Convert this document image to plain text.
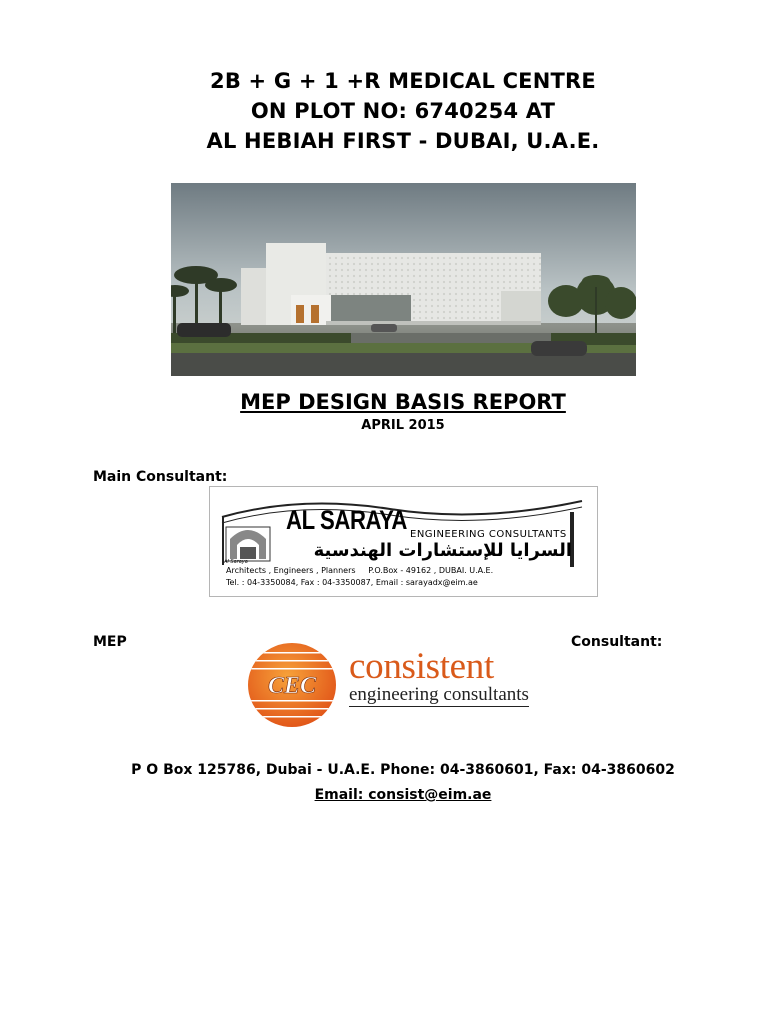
2B + G + 1 +R MEDICAL CENTRE
ON PLOT NO: 6740254 AT
AL HEBIAH FIRST - DUBAI, U.A.E.
MEP DESIGN BASIS REPORT
APRIL 2015
Main Consultant:
Al Saraya
AL SARAYA ENGINEERING CONSULTANTS
السرايا للإستشارات الهندسية
Architects , Engineers , Planners     P.O.Box - 49162 , DUBAI. U.A.E.
Tel. : 04-3350084, Fax : 04-3350087, Email : sarayadx@eim.ae
MEP	Consultant:
CEC consistent
engineering consultants
P O Box 125786, Dubai - U.A.E. Phone: 04-3860601, Fax: 04-3860602
Email: consist@eim.ae
